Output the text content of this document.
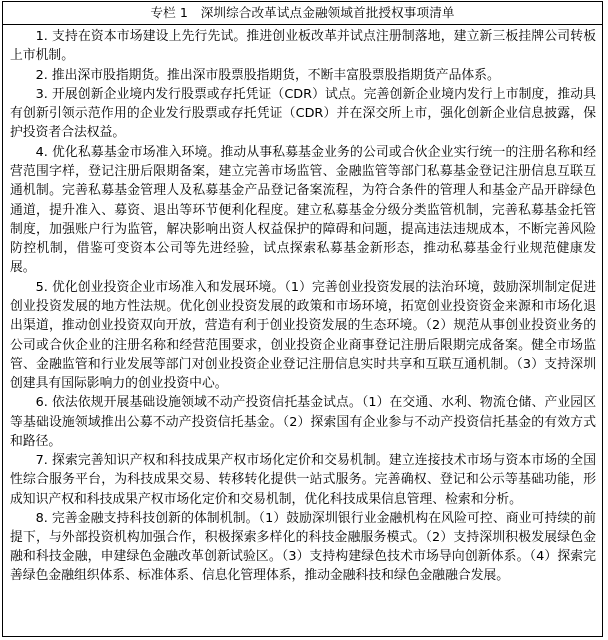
专栏 1　深圳综合改革试点金融领域首批授权事项清单

1. 支持在资本市场建设上先行先试。推进创业板改革并试点注册制落地，建立新三板挂牌公司转板上市机制。

2. 推出深市股指期货。推出深市股票股指期货，不断丰富股票股指期货产品体系。

3. 开展创新企业境内发行股票或存托凭证（CDR）试点。完善创新企业境内发行上市制度，推动具有创新引领示范作用的企业发行股票或存托凭证（CDR）并在深交所上市，强化创新企业信息披露，保护投资者合法权益。

4. 优化私募基金市场准入环境。推动从事私募基金业务的公司或合伙企业实行统一的注册名称和经营范围字样，登记注册后限期备案，建立完善市场监管、金融监管等部门私募基金登记注册信息互联互通机制。完善私募基金管理人及私募基金产品登记备案流程，为符合条件的管理人和基金产品开辟绿色通道，提升准入、募资、退出等环节便利化程度。建立私募基金分级分类监管机制，完善私募基金托管制度，加强账户行为监管，解决影响出资人权益保护的障碍和问题，提高违法违规成本，不断完善风险防控机制，借鉴可变资本公司等先进经验，试点探索私募基金新形态，推动私募基金行业规范健康发展。

5. 优化创业投资企业市场准入和发展环境。（1）完善创业投资发展的法治环境，鼓励深圳制定促进创业投资发展的地方性法规。优化创业投资发展的政策和市场环境，拓宽创业投资资金来源和市场化退出渠道，推动创业投资双向开放，营造有利于创业投资发展的生态环境。（2）规范从事创业投资业务的公司或合伙企业的注册名称和经营范围要求，创业投资企业商事登记注册后限期完成备案。健全市场监管、金融监管和行业发展等部门对创业投资企业登记注册信息实时共享和互联互通机制。（3）支持深圳创建具有国际影响力的创业投资中心。

6. 依法依规开展基础设施领域不动产投资信托基金试点。（1）在交通、水利、物流仓储、产业园区等基础设施领域推出公募不动产投资信托基金。（2）探索国有企业参与不动产投资信托基金的有效方式和路径。

7. 探索完善知识产权和科技成果产权市场化定价和交易机制。建立连接技术市场与资本市场的全国性综合服务平台，为科技成果交易、转移转化提供一站式服务。完善确权、登记和公示等基础功能，形成知识产权和科技成果产权市场化定价和交易机制，优化科技成果信息管理、检索和分析。

8. 完善金融支持科技创新的体制机制。（1）鼓励深圳银行业金融机构在风险可控、商业可持续的前提下，与外部投资机构加强合作，积极探索多样化的科技金融服务模式。（2）支持深圳积极发展绿色金融和科技金融，申建绿色金融改革创新试验区。（3）支持构建绿色技术市场导向创新体系。（4）探索完善绿色金融组织体系、标准体系、信息化管理体系，推动金融科技和绿色金融融合发展。
